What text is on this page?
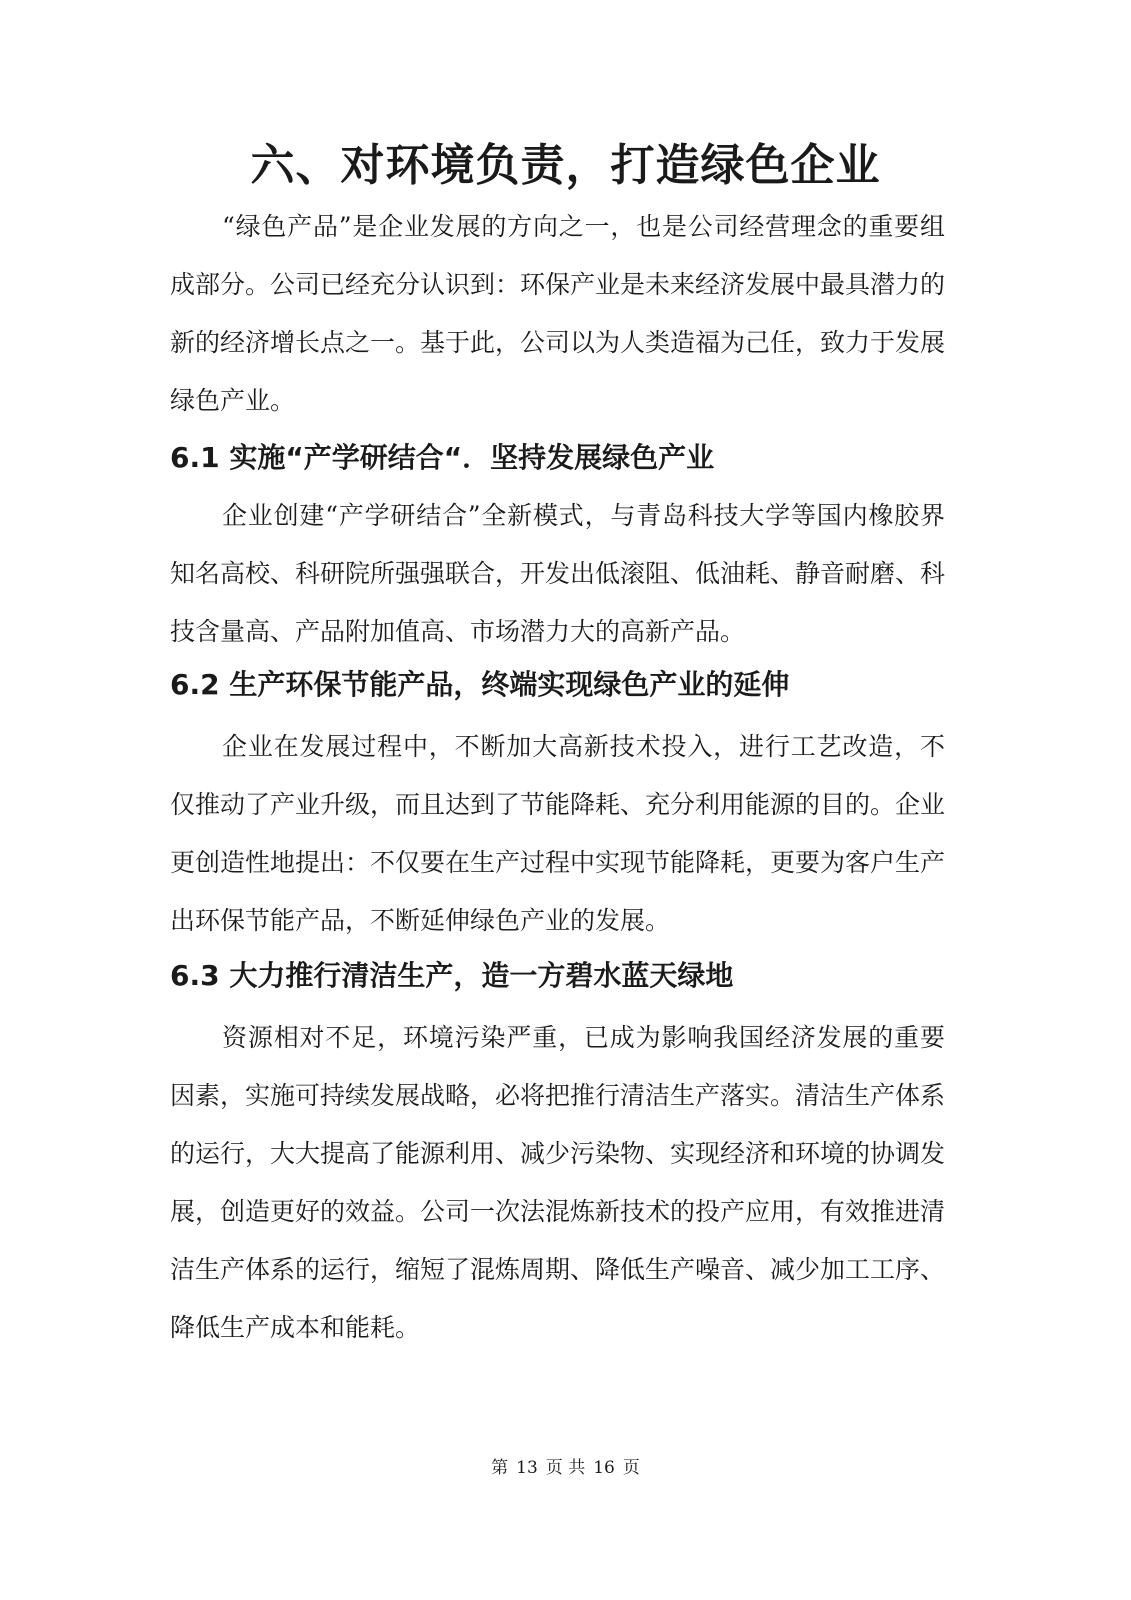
六、对环境负责，打造绿色企业

“绿色产品”是企业发展的方向之一，也是公司经营理念的重要组成部分。公司已经充分认识到：环保产业是未来经济发展中最具潜力的新的经济增长点之一。基于此，公司以为人类造福为己任，致力于发展绿色产业。

6.1 实施“产学研结合“．坚持发展绿色产业

企业创建“产学研结合”全新模式，与青岛科技大学等国内橡胶界知名高校、科研院所强强联合，开发出低滚阻、低油耗、静音耐磨、科技含量高、产品附加值高、市场潜力大的高新产品。

6.2 生产环保节能产品，终端实现绿色产业的延伸

企业在发展过程中，不断加大高新技术投入，进行工艺改造，不仅推动了产业升级，而且达到了节能降耗、充分利用能源的目的。企业更创造性地提出：不仅要在生产过程中实现节能降耗，更要为客户生产出环保节能产品，不断延伸绿色产业的发展。

6.3 大力推行清洁生产，造一方碧水蓝天绿地

资源相对不足，环境污染严重，已成为影响我国经济发展的重要因素，实施可持续发展战略，必将把推行清洁生产落实。清洁生产体系的运行，大大提高了能源利用、减少污染物、实现经济和环境的协调发展，创造更好的效益。公司一次法混炼新技术的投产应用，有效推进清洁生产体系的运行，缩短了混炼周期、降低生产噪音、减少加工工序、降低生产成本和能耗。

第 13 页 共 16 页
